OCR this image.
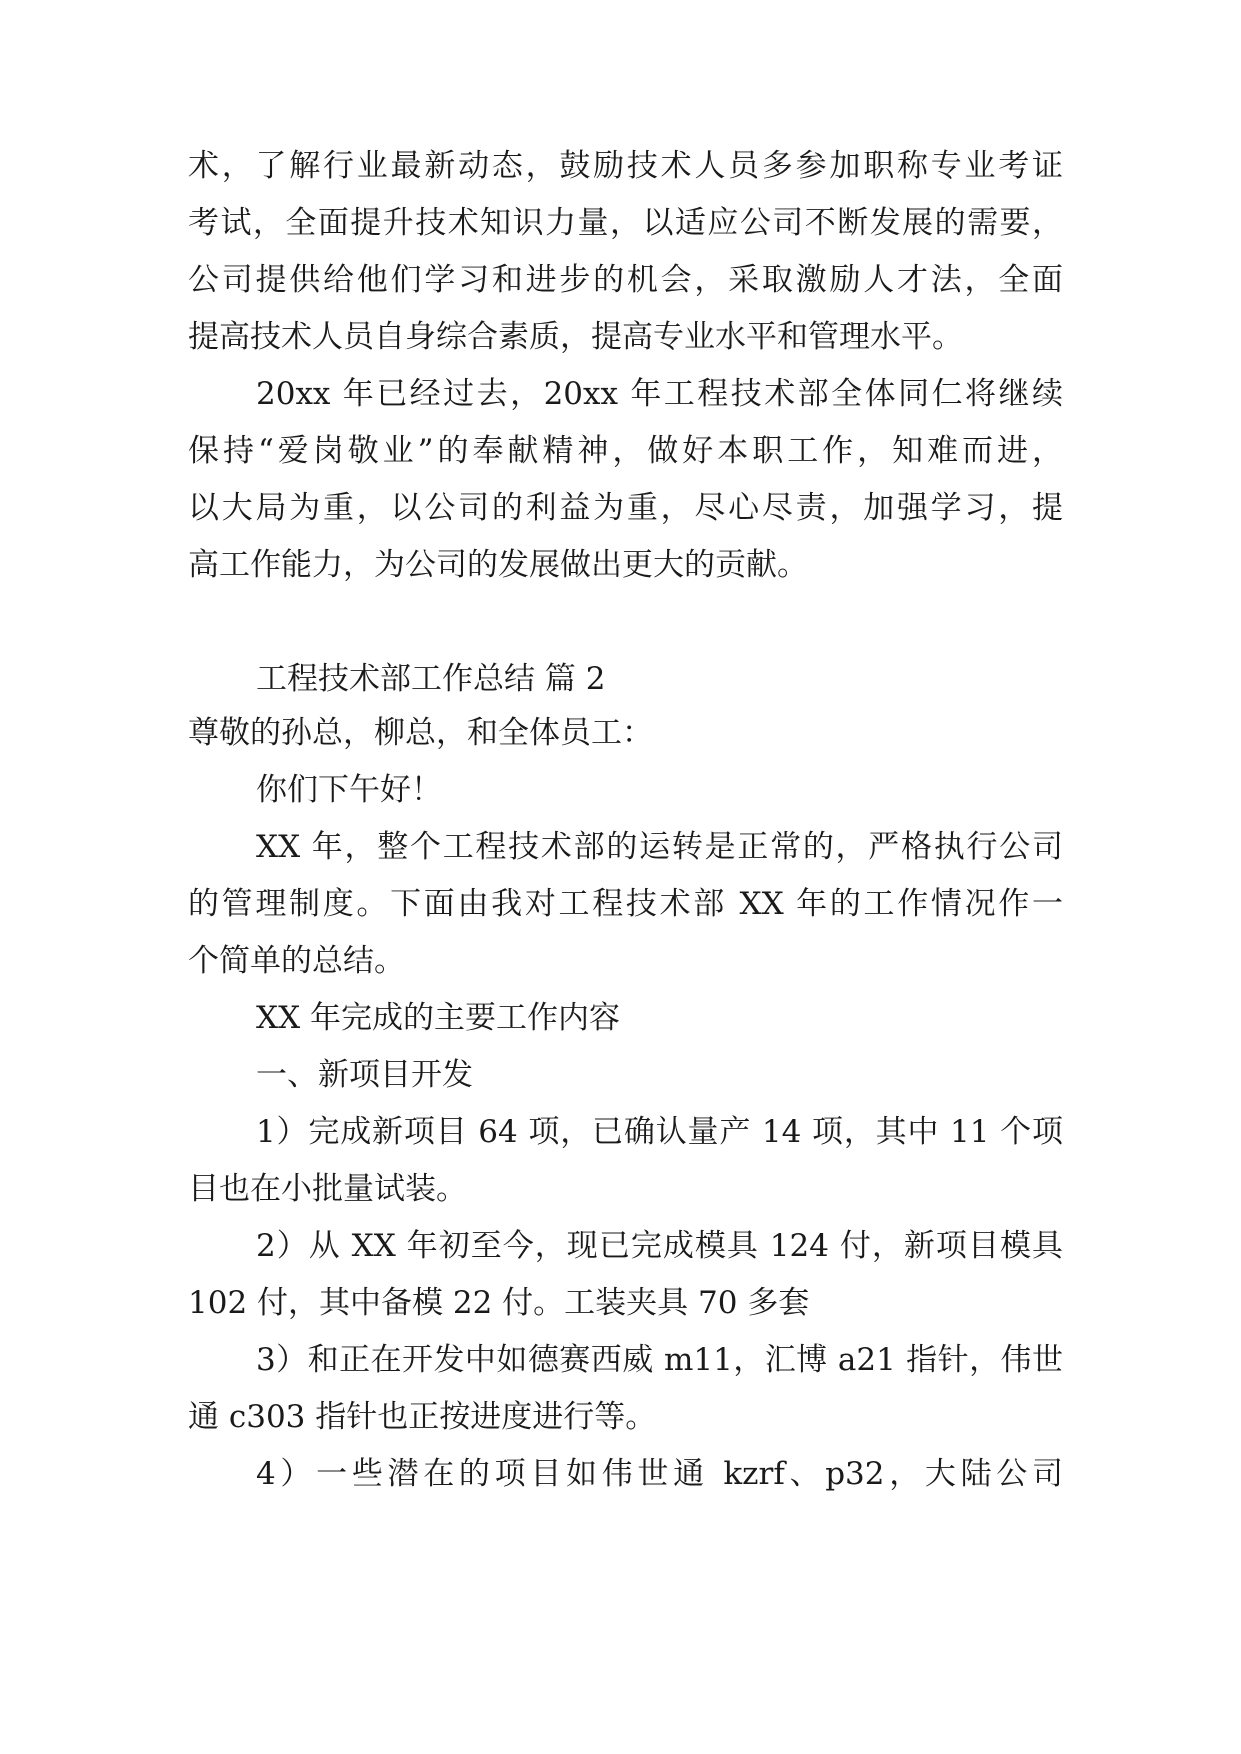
术，了解行业最新动态，鼓励技术人员多参加职称专业考证
考试，全面提升技术知识力量，以适应公司不断发展的需要，
公司提供给他们学习和进步的机会，采取激励人才法，全面
提高技术人员自身综合素质，提高专业水平和管理水平。
20xx 年已经过去，20xx 年工程技术部全体同仁将继续
保持“爱岗敬业”的奉献精神，做好本职工作，知难而进，
以大局为重，以公司的利益为重，尽心尽责，加强学习，提
高工作能力，为公司的发展做出更大的贡献。
工程技术部工作总结 篇 2
尊敬的孙总，柳总，和全体员工：
你们下午好！
XX 年，整个工程技术部的运转是正常的，严格执行公司
的管理制度。下面由我对工程技术部 XX 年的工作情况作一
个简单的总结。
XX 年完成的主要工作内容
一、新项目开发
1）完成新项目 64 项，已确认量产 14 项，其中 11 个项
目也在小批量试装。
2）从 XX 年初至今，现已完成模具 124 付，新项目模具
102 付，其中备模 22 付。工装夹具 70 多套
3）和正在开发中如德赛西威 m11，汇博 a21 指针，伟世
通 c303 指针也正按进度进行等。
4）一些潜在的项目如伟世通 kzrf、p32，大陆公司
